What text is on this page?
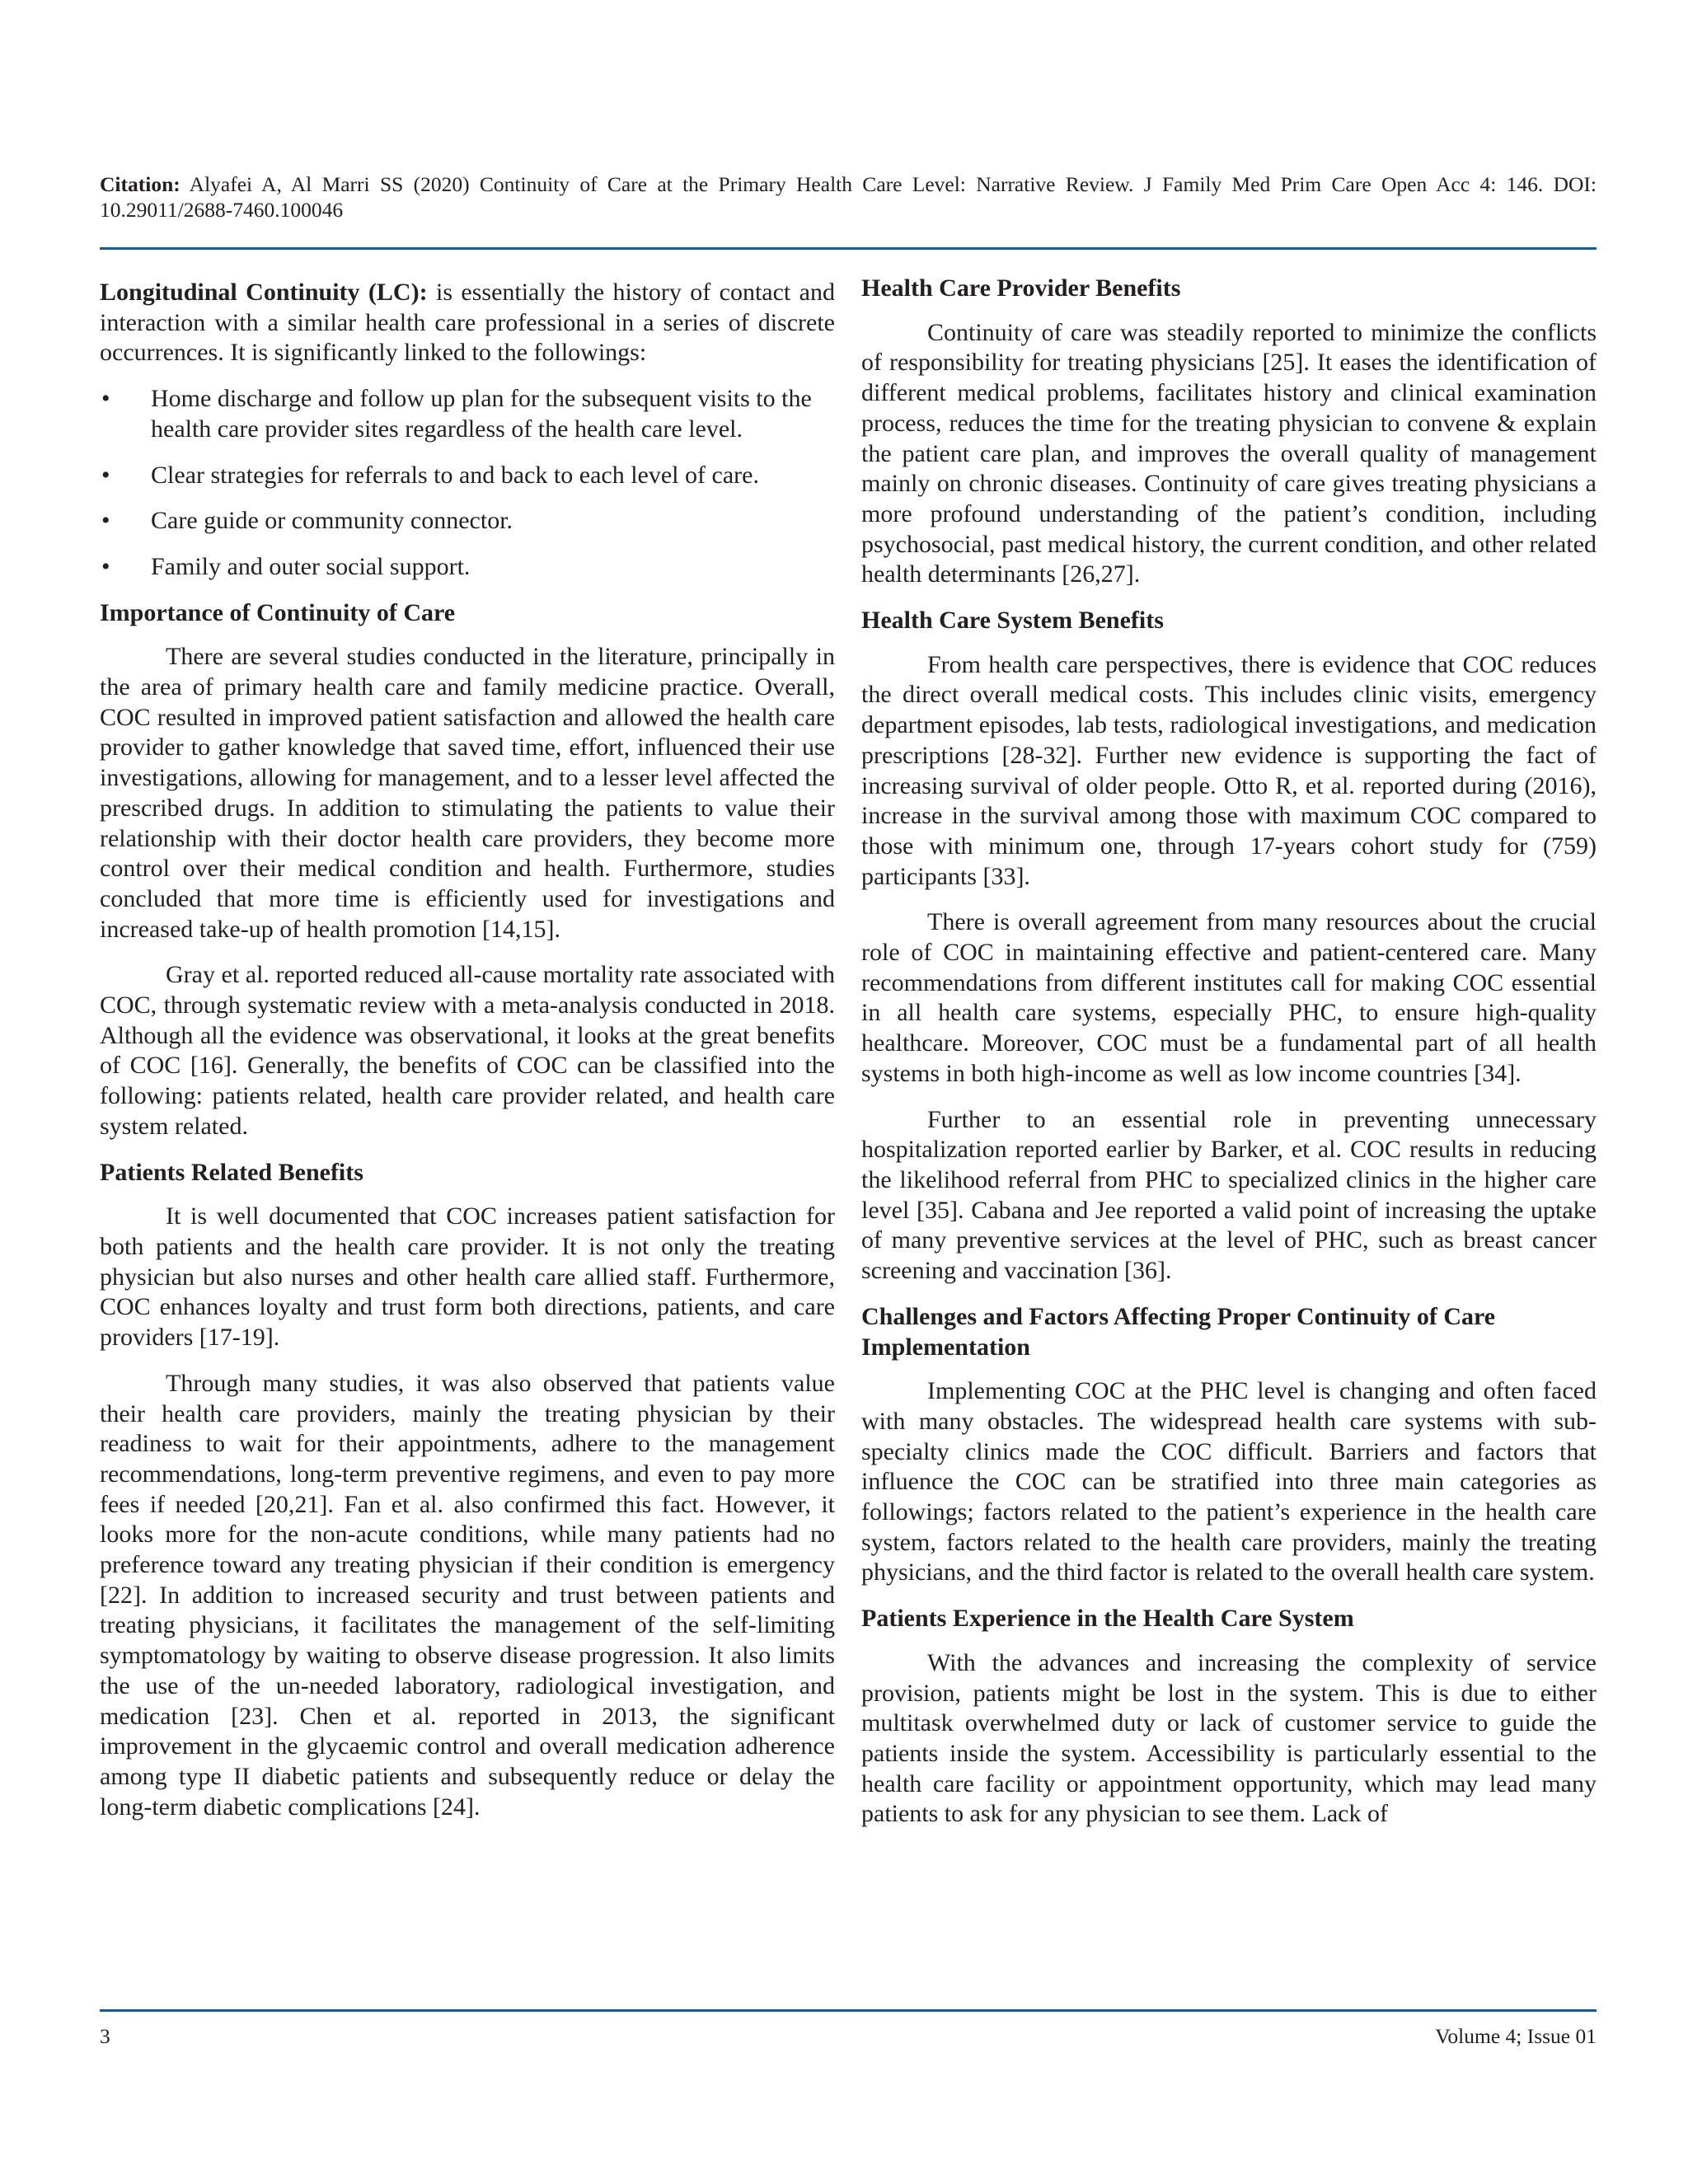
Citation: Alyafei A, Al Marri SS (2020) Continuity of Care at the Primary Health Care Level: Narrative Review. J Family Med Prim Care Open Acc 4: 146. DOI: 10.29011/2688-7460.100046

Longitudinal Continuity (LC): is essentially the history of contact and interaction with a similar health care professional in a series of discrete occurrences. It is significantly linked to the followings:

• Home discharge and follow up plan for the subsequent visits to the health care provider sites regardless of the health care level.
• Clear strategies for referrals to and back to each level of care.
• Care guide or community connector.
• Family and outer social support.
Importance of Continuity of Care

There are several studies conducted in the literature, principally in the area of primary health care and family medicine practice. Overall, COC resulted in improved patient satisfaction and allowed the health care provider to gather knowledge that saved time, effort, influenced their use investigations, allowing for management, and to a lesser level affected the prescribed drugs. In addition to stimulating the patients to value their relationship with their doctor health care providers, they become more control over their medical condition and health. Furthermore, studies concluded that more time is efficiently used for investigations and increased take-up of health promotion [14,15].

Gray et al. reported reduced all-cause mortality rate associated with COC, through systematic review with a meta-analysis conducted in 2018. Although all the evidence was observational, it looks at the great benefits of COC [16]. Generally, the benefits of COC can be classified into the following: patients related, health care provider related, and health care system related.

Patients Related Benefits

It is well documented that COC increases patient satisfaction for both patients and the health care provider. It is not only the treating physician but also nurses and other health care allied staff. Furthermore, COC enhances loyalty and trust form both directions, patients, and care providers [17-19].

Through many studies, it was also observed that patients value their health care providers, mainly the treating physician by their readiness to wait for their appointments, adhere to the management recommendations, long-term preventive regimens, and even to pay more fees if needed [20,21]. Fan et al. also confirmed this fact. However, it looks more for the non-acute conditions, while many patients had no preference toward any treating physician if their condition is emergency [22]. In addition to increased security and trust between patients and treating physicians, it facilitates the management of the self-limiting symptomatology by waiting to observe disease progression. It also limits the use of the un-needed laboratory, radiological investigation, and medication [23]. Chen et al. reported in 2013, the significant improvement in the glycaemic control and overall medication adherence among type II diabetic patients and subsequently reduce or delay the long-term diabetic complications [24].

Health Care Provider Benefits

Continuity of care was steadily reported to minimize the conflicts of responsibility for treating physicians [25]. It eases the identification of different medical problems, facilitates history and clinical examination process, reduces the time for the treating physician to convene & explain the patient care plan, and improves the overall quality of management mainly on chronic diseases. Continuity of care gives treating physicians a more profound understanding of the patient’s condition, including psychosocial, past medical history, the current condition, and other related health determinants [26,27].

Health Care System Benefits

From health care perspectives, there is evidence that COC reduces the direct overall medical costs. This includes clinic visits, emergency department episodes, lab tests, radiological investigations, and medication prescriptions [28-32]. Further new evidence is supporting the fact of increasing survival of older people. Otto R, et al. reported during (2016), increase in the survival among those with maximum COC compared to those with minimum one, through 17-years cohort study for (759) participants [33].

There is overall agreement from many resources about the crucial role of COC in maintaining effective and patient-centered care. Many recommendations from different institutes call for making COC essential in all health care systems, especially PHC, to ensure high-quality healthcare. Moreover, COC must be a fundamental part of all health systems in both high-income as well as low income countries [34].

Further to an essential role in preventing unnecessary hospitalization reported earlier by Barker, et al. COC results in reducing the likelihood referral from PHC to specialized clinics in the higher care level [35]. Cabana and Jee reported a valid point of increasing the uptake of many preventive services at the level of PHC, such as breast cancer screening and vaccination [36].

Challenges and Factors Affecting Proper Continuity of Care Implementation

Implementing COC at the PHC level is changing and often faced with many obstacles. The widespread health care systems with sub-specialty clinics made the COC difficult. Barriers and factors that influence the COC can be stratified into three main categories as followings; factors related to the patient’s experience in the health care system, factors related to the health care providers, mainly the treating physicians, and the third factor is related to the overall health care system.

Patients Experience in the Health Care System

With the advances and increasing the complexity of service provision, patients might be lost in the system. This is due to either multitask overwhelmed duty or lack of customer service to guide the patients inside the system. Accessibility is particularly essential to the health care facility or appointment opportunity, which may lead many patients to ask for any physician to see them. Lack of

3	Volume 4; Issue 01
